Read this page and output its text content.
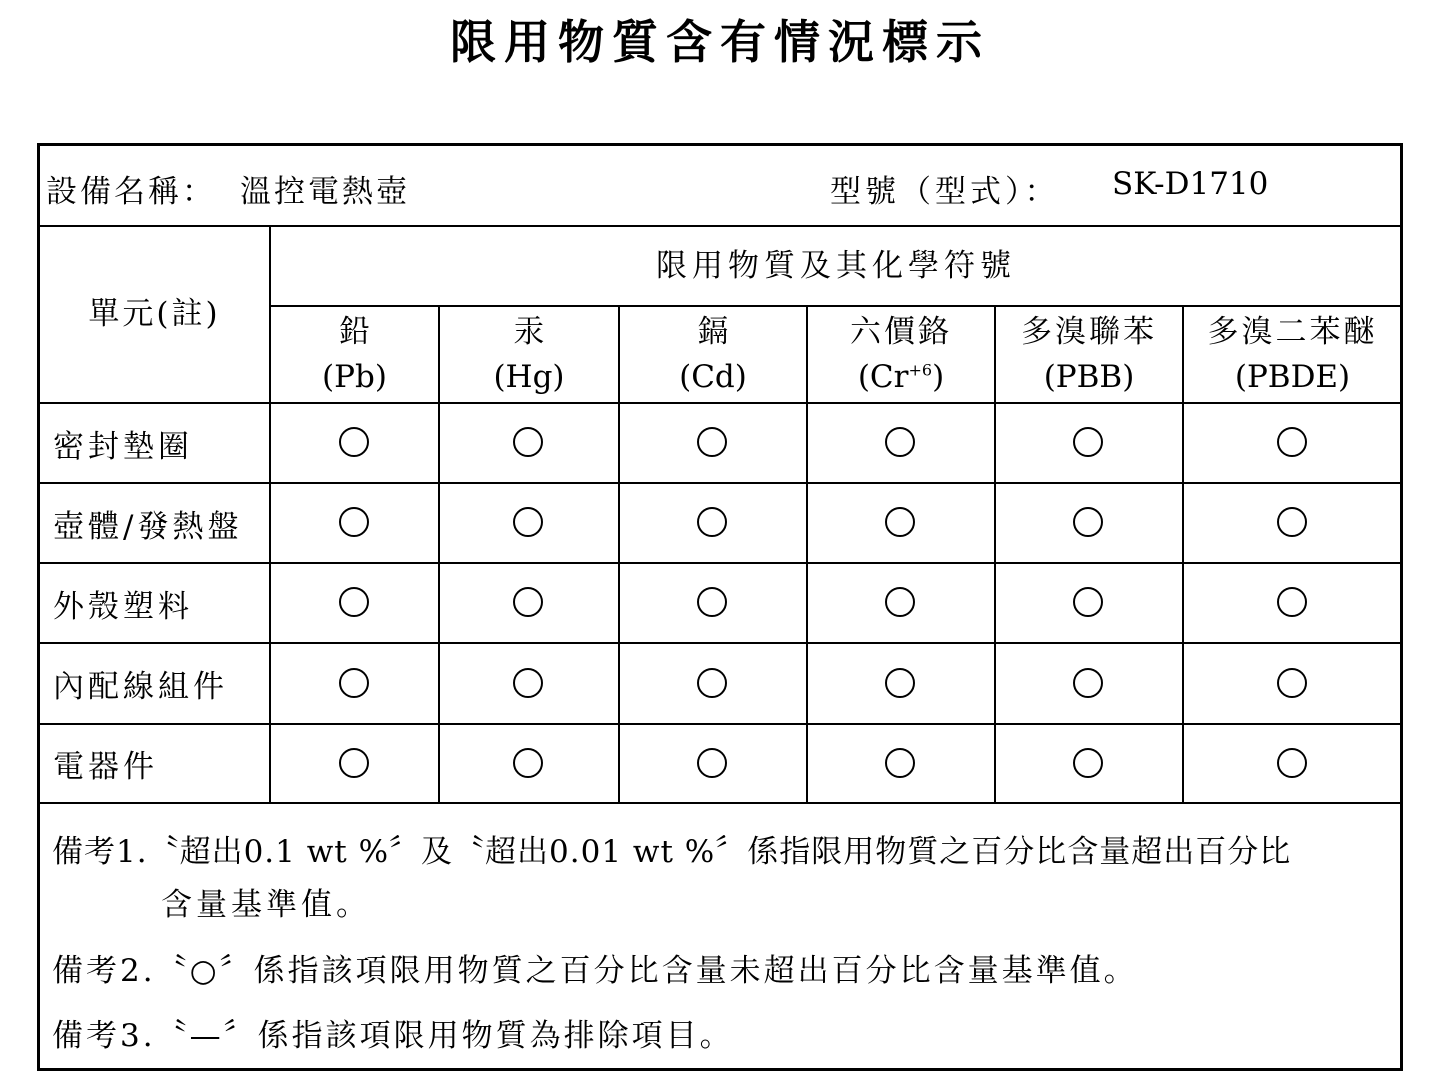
限用物質含有情況標示
設備名稱： 溫控電熱壺	型號（型式）： SK-D1710
單元(註)
限用物質及其化學符號
鉛
(Pb)
汞
(Hg)
鎘
(Cd)
六價鉻
$(Cr^{+6})$
多溴聯苯
(PBB)
多溴二苯醚
(PBDE)
密封墊圈
壺體/發熱盤
外殼塑料
內配線組件
電器件
備考1.〝超出0.1 wt %〞及〝超出0.01 wt %〞係指限用物質之百分比含量超出百分比
含量基準值。
備考2.〝○〞係指該項限用物質之百分比含量未超出百分比含量基準值。
備考3.〝—〞係指該項限用物質為排除項目。
